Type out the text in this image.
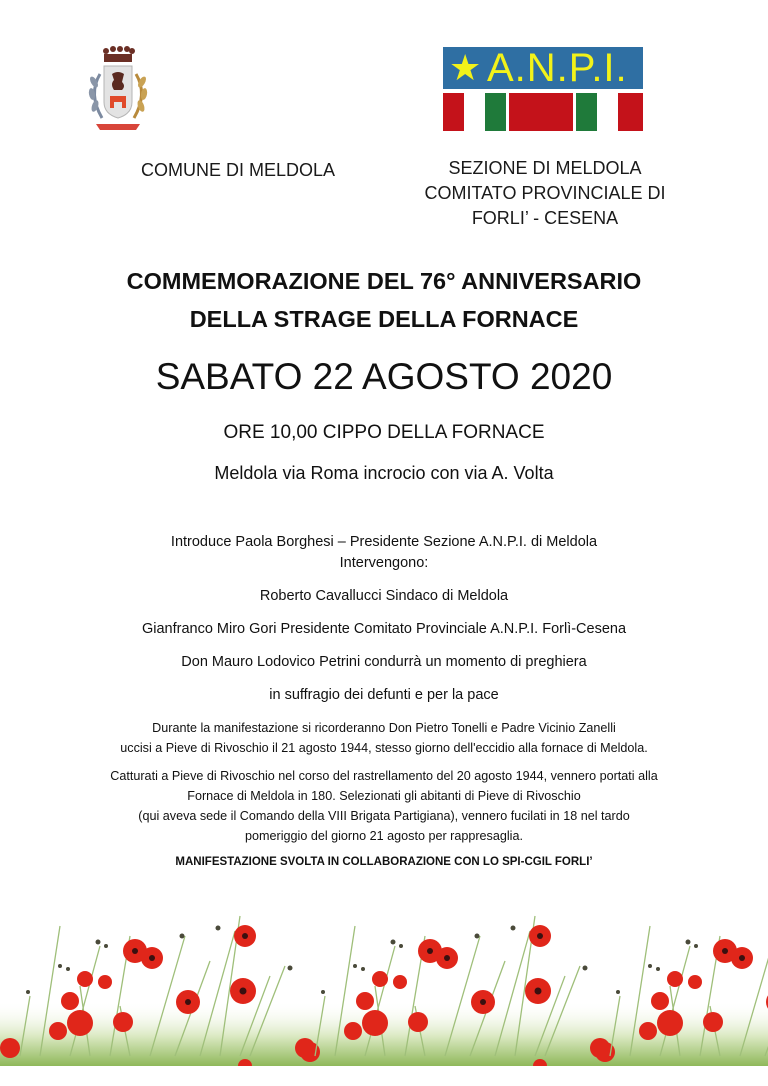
★ A.N.P.I.
COMUNE DI MELDOLA	SEZIONE DI MELDOLA
COMITATO PROVINCIALE DI
FORLI’ - CESENA
COMMEMORAZIONE DEL 76° ANNIVERSARIO
DELLA STRAGE DELLA FORNACE
SABATO 22 AGOSTO 2020
ORE 10,00 CIPPO DELLA FORNACE
Meldola via Roma incrocio con via A. Volta
Introduce Paola Borghesi – Presidente Sezione A.N.P.I. di Meldola
Intervengono:
Roberto Cavallucci Sindaco di Meldola
Gianfranco Miro Gori Presidente Comitato Provinciale A.N.P.I. Forlì-Cesena
Don Mauro Lodovico Petrini condurrà un momento di preghiera
in suffragio dei defunti e per la pace
Durante la manifestazione si ricorderanno Don Pietro Tonelli e Padre Vicinio Zanelli
uccisi a Pieve di Rivoschio il 21 agosto 1944, stesso giorno dell'eccidio alla fornace di Meldola.
Catturati a Pieve di Rivoschio nel corso del rastrellamento del 20 agosto 1944, vennero portati alla
Fornace di Meldola in 180. Selezionati gli abitanti di Pieve di Rivoschio
(qui aveva sede il Comando della VIII Brigata Partigiana), vennero fucilati in 18 nel tardo
pomeriggio del giorno 21 agosto per rappresaglia.
MANIFESTAZIONE SVOLTA IN COLLABORAZIONE CON LO SPI-CGIL FORLI’
